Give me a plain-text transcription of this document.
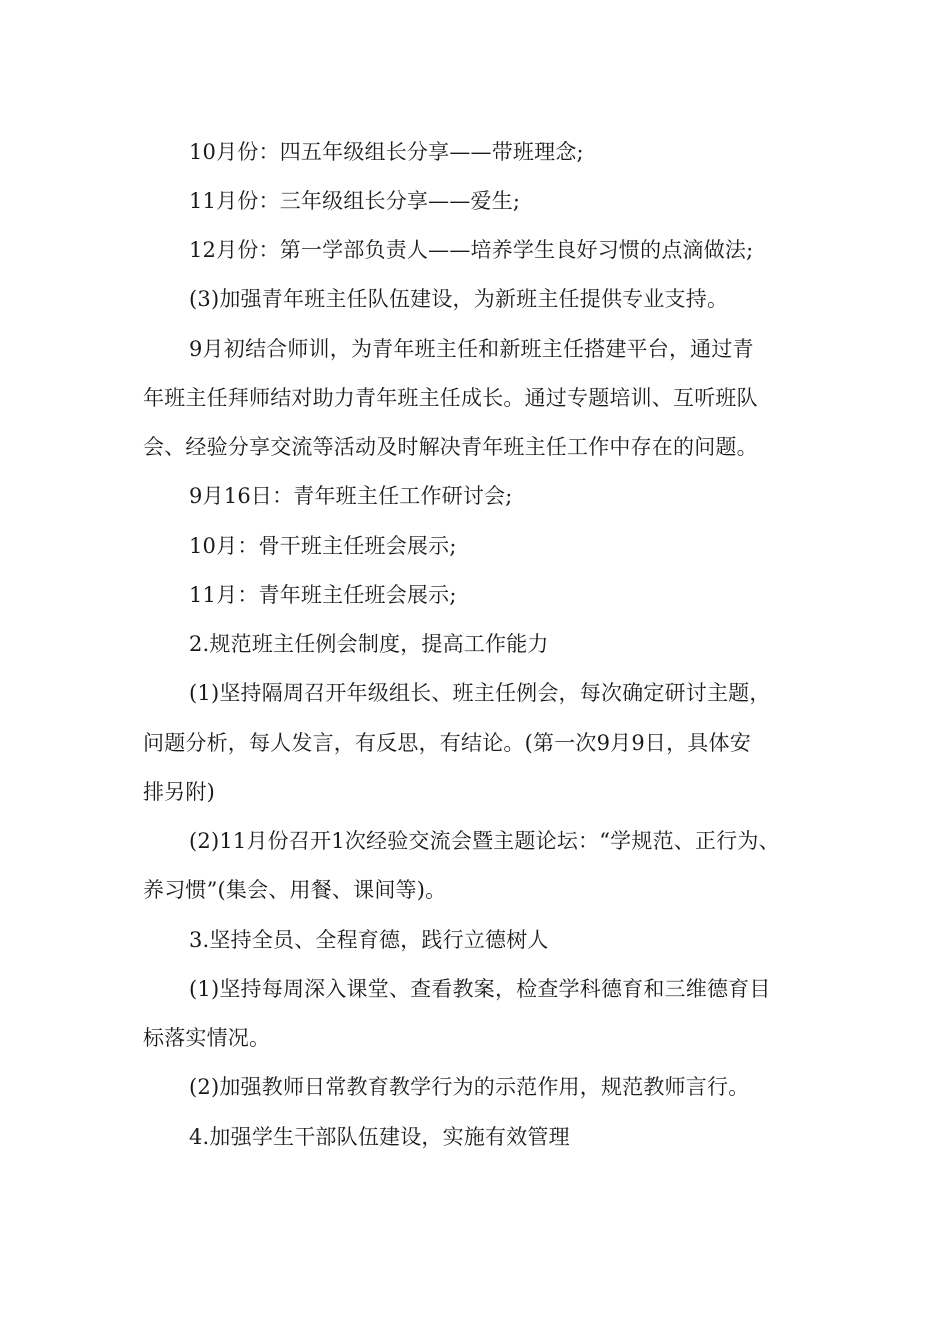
10月份：四五年级组长分享——带班理念;
11月份：三年级组长分享——爱生;
12月份：第一学部负责人——培养学生良好习惯的点滴做法;
(3)加强青年班主任队伍建设，为新班主任提供专业支持。
9月初结合师训，为青年班主任和新班主任搭建平台，通过青
年班主任拜师结对助力青年班主任成长。通过专题培训、互听班队
会、经验分享交流等活动及时解决青年班主任工作中存在的问题。
9月16日：青年班主任工作研讨会;
10月：骨干班主任班会展示;
11月：青年班主任班会展示;
2.规范班主任例会制度，提高工作能力
(1)坚持隔周召开年级组长、班主任例会，每次确定研讨主题，
问题分析，每人发言，有反思，有结论。(第一次9月9日，具体安
排另附)
(2)11月份召开1次经验交流会暨主题论坛：“学规范、正行为、
养习惯”(集会、用餐、课间等)。
3.坚持全员、全程育德，践行立德树人
(1)坚持每周深入课堂、查看教案，检查学科德育和三维德育目
标落实情况。
(2)加强教师日常教育教学行为的示范作用，规范教师言行。
4.加强学生干部队伍建设，实施有效管理
